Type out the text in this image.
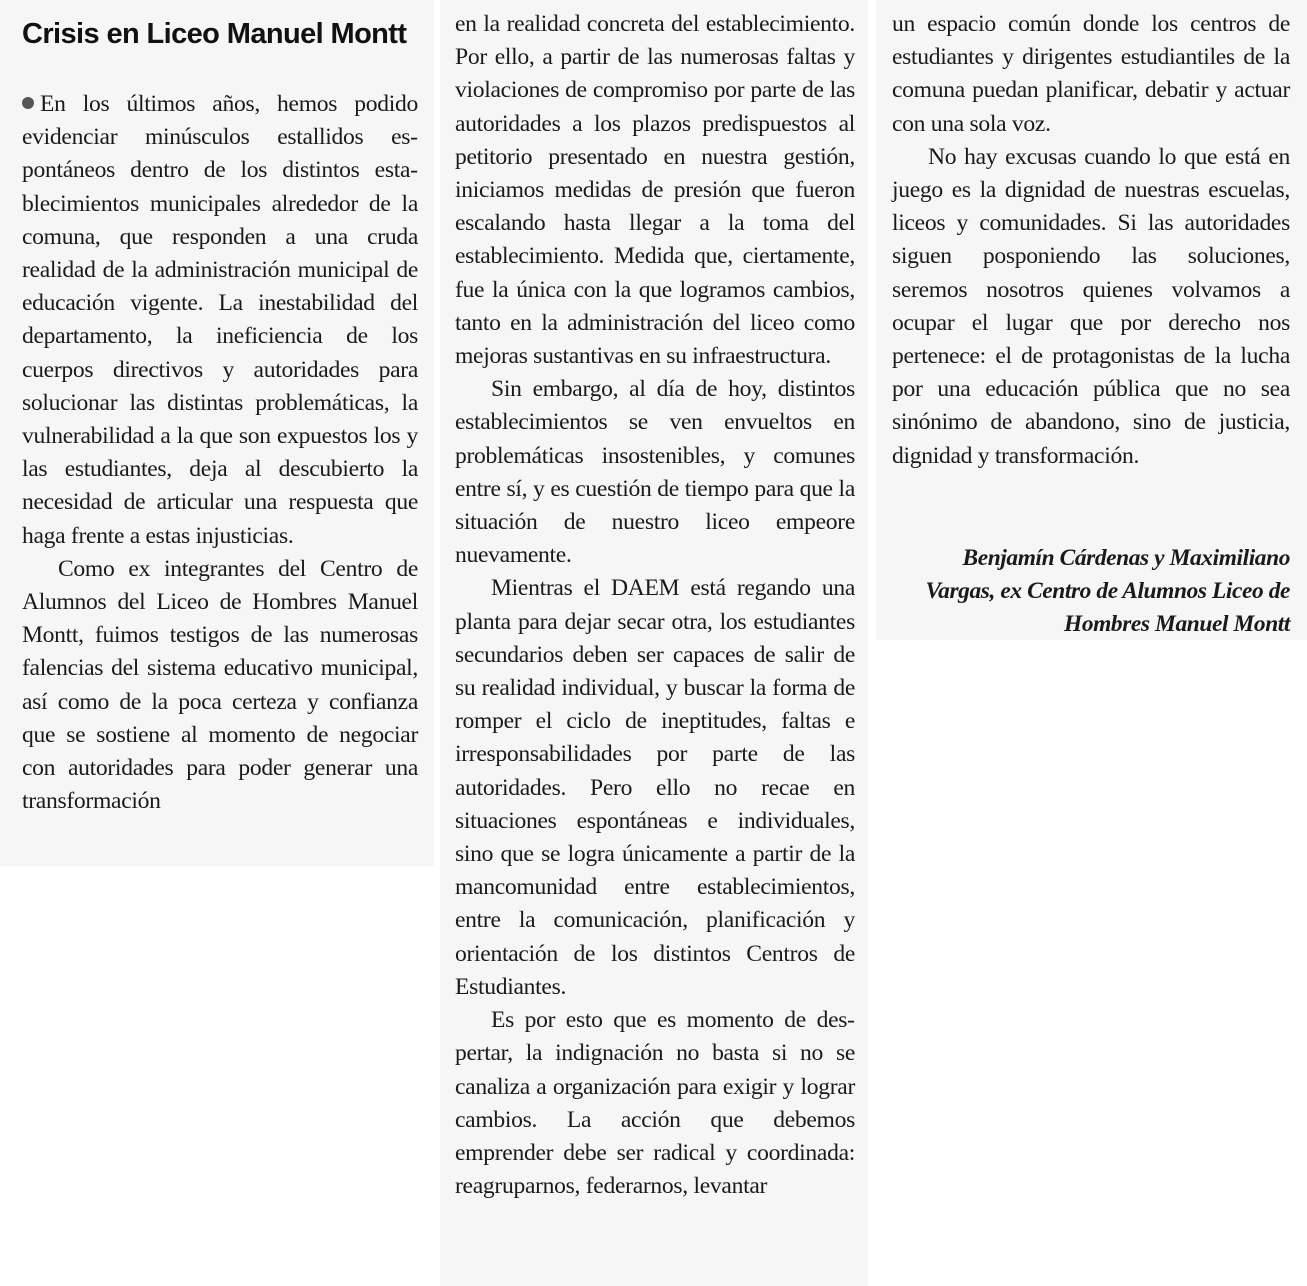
Crisis en Liceo Manuel Montt

En los últimos años, hemos podido evidenciar minúsculos estallidos espontáneos dentro de los distintos establecimientos municipales alrededor de la comuna, que responden a una cruda realidad de la administración municipal de educación vigente. La inestabilidad del departamento, la ineficiencia de los cuerpos directivos y autoridades para solucionar las distintas problemáticas, la vulnerabilidad a la que son expuestos los y las estudiantes, deja al descubierto la necesidad de articular una respuesta que haga frente a estas injusticias.

Como ex integrantes del Centro de Alumnos del Liceo de Hombres Manuel Montt, fuimos testigos de las numerosas falencias del sistema educativo municipal, así como de la poca certeza y confianza que se sostiene al momento de negociar con autoridades para poder generar una transformación

en la realidad concreta del establecimiento. Por ello, a partir de las numerosas faltas y violaciones de compromiso por parte de las autoridades a los plazos predispuestos al petitorio presentado en nuestra gestión, iniciamos medidas de presión que fueron escalando hasta llegar a la toma del establecimiento. Medida que, ciertamente, fue la única con la que logramos cambios, tanto en la administración del liceo como mejoras sustantivas en su infraestructura.

Sin embargo, al día de hoy, distintos establecimientos se ven envueltos en problemáticas insostenibles, y comunes entre sí, y es cuestión de tiempo para que la situación de nuestro liceo empeore nuevamente.

Mientras el DAEM está regando una planta para dejar secar otra, los estudiantes secundarios deben ser capaces de salir de su realidad individual, y buscar la forma de romper el ciclo de ineptitudes, faltas e irresponsabilidades por parte de las autoridades. Pero ello no recae en situaciones espontáneas e individuales, sino que se logra únicamente a partir de la mancomunidad entre establecimientos, entre la comunicación, planificación y orientación de los distintos Centros de Estudiantes.

Es por esto que es momento de despertar, la indignación no basta si no se canaliza a organización para exigir y lograr cambios. La acción que debemos emprender debe ser radical y coordinada: reagruparnos, federarnos, levantar

un espacio común donde los centros de estudiantes y dirigentes estudiantiles de la comuna puedan planificar, debatir y actuar con una sola voz.

No hay excusas cuando lo que está en juego es la dignidad de nuestras escuelas, liceos y comunidades. Si las autoridades siguen posponiendo las soluciones, seremos nosotros quienes volvamos a ocupar el lugar que por derecho nos pertenece: el de protagonistas de la lucha por una educación pública que no sea sinónimo de abandono, sino de justicia, dignidad y transformación.

Benjamín Cárdenas y Maximiliano Vargas, ex Centro de Alumnos Liceo de Hombres Manuel Montt
